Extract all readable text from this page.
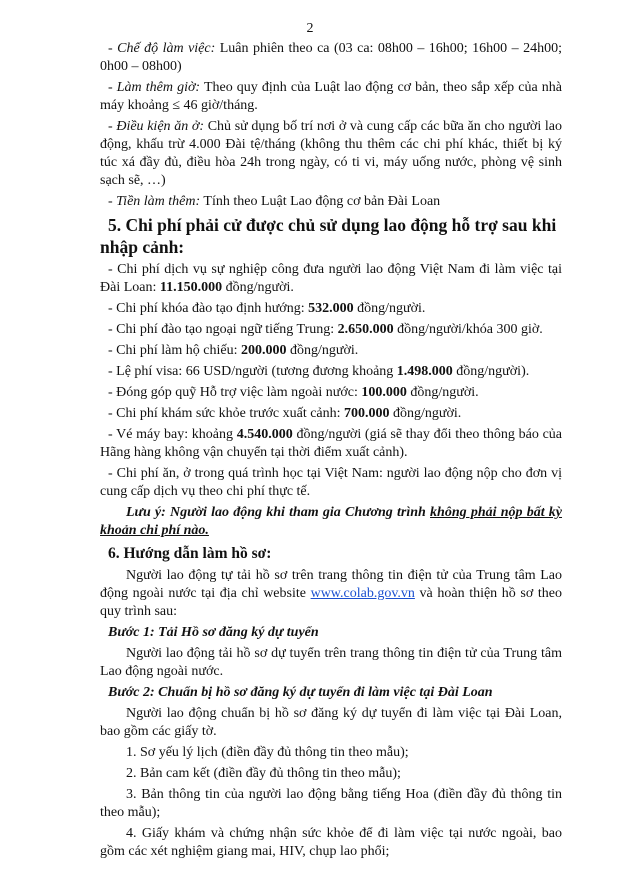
2

- Chế độ làm việc: Luân phiên theo ca (03 ca: 08h00 – 16h00; 16h00 – 24h00; 0h00 – 08h00)

- Làm thêm giờ: Theo quy định của Luật lao động cơ bản, theo sắp xếp của nhà máy khoảng ≤ 46 giờ/tháng.

- Điều kiện ăn ở: Chủ sử dụng bố trí nơi ở và cung cấp các bữa ăn cho người lao động, khấu trừ 4.000 Đài tệ/tháng (không thu thêm các chi phí khác, thiết bị ký túc xá đầy đủ, điều hòa 24h trong ngày, có ti vi, máy uống nước, phòng vệ sinh sạch sẽ, …)

- Tiền làm thêm: Tính theo Luật Lao động cơ bản Đài Loan

5. Chi phí phải cử được chủ sử dụng lao động hỗ trợ sau khi nhập cảnh:

- Chi phí dịch vụ sự nghiệp công đưa người lao động Việt Nam đi làm việc tại Đài Loan: 11.150.000 đồng/người.

- Chi phí khóa đào tạo định hướng: 532.000 đồng/người.

- Chi phí đào tạo ngoại ngữ tiếng Trung: 2.650.000 đồng/người/khóa 300 giờ.

- Chi phí làm hộ chiếu: 200.000 đồng/người.

- Lệ phí visa: 66 USD/người (tương đương khoảng 1.498.000 đồng/người).

- Đóng góp quỹ Hỗ trợ việc làm ngoài nước: 100.000 đồng/người.

- Chi phí khám sức khỏe trước xuất cảnh: 700.000 đồng/người.

- Vé máy bay: khoảng 4.540.000 đồng/người (giá sẽ thay đổi theo thông báo của Hãng hàng không vận chuyển tại thời điểm xuất cảnh).

- Chi phí ăn, ở trong quá trình học tại Việt Nam: người lao động nộp cho đơn vị cung cấp dịch vụ theo chi phí thực tế.

Lưu ý: Người lao động khi tham gia Chương trình không phải nộp bất kỳ khoản chi phí nào.

6. Hướng dẫn làm hồ sơ:

Người lao động tự tải hồ sơ trên trang thông tin điện tử của Trung tâm Lao động ngoài nước tại địa chỉ website www.colab.gov.vn và hoàn thiện hồ sơ theo quy trình sau:

Bước 1: Tải Hồ sơ đăng ký dự tuyển

Người lao động tải hồ sơ dự tuyển trên trang thông tin điện tử của Trung tâm Lao động ngoài nước.

Bước 2: Chuẩn bị hồ sơ đăng ký dự tuyển đi làm việc tại Đài Loan

Người lao động chuẩn bị hồ sơ đăng ký dự tuyển đi làm việc tại Đài Loan, bao gồm các giấy tờ.

1. Sơ yếu lý lịch (điền đầy đủ thông tin theo mẫu);

2. Bản cam kết (điền đầy đủ thông tin theo mẫu);

3. Bản thông tin của người lao động bằng tiếng Hoa (điền đầy đủ thông tin theo mẫu);

4. Giấy khám và chứng nhận sức khỏe để đi làm việc tại nước ngoài, bao gồm các xét nghiệm giang mai, HIV, chụp lao phổi;
